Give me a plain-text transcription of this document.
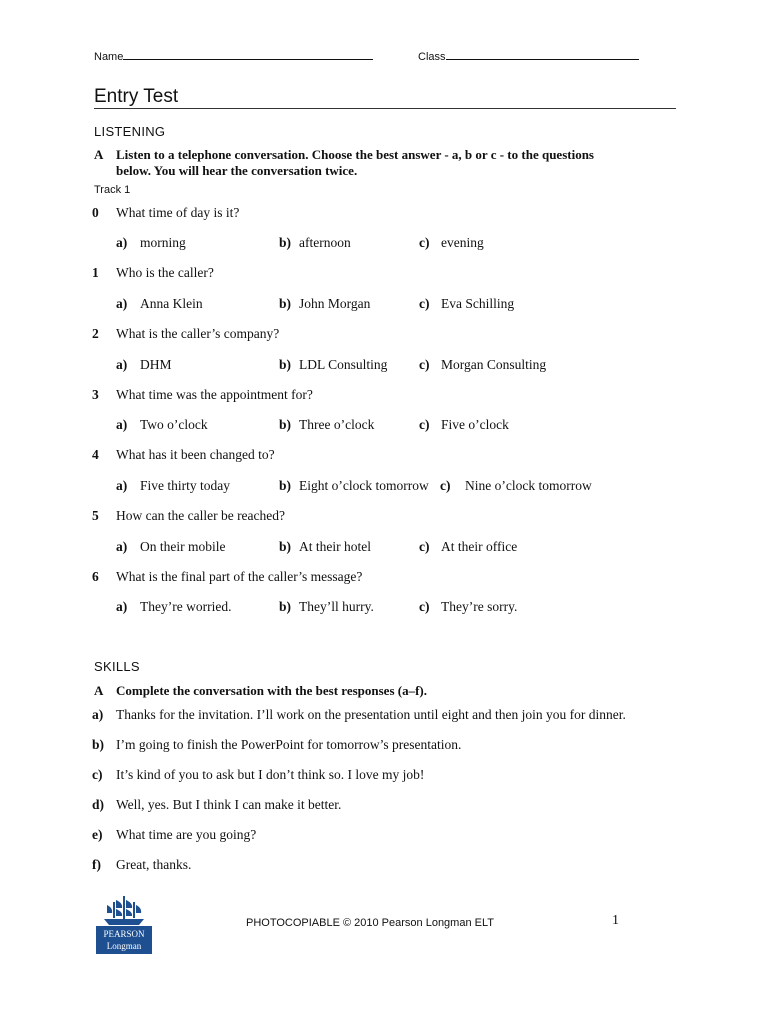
Name	Class
Entry Test
LISTENING
A Listen to a telephone conversation. Choose the best answer - a, b or c - to the questions
below. You will hear the conversation twice.
Track 1
0 What time of day is it?
a) morning	b) afternoon	c) evening
1 Who is the caller?
a) Anna Klein	b) John Morgan	c) Eva Schilling
2 What is the caller’s company?
a) DHM	b) LDL Consulting c) Morgan Consulting
3 What time was the appointment for?
a) Two o’clock	b) Three o’clock	c) Five o’clock
4 What has it been changed to?
a) Five thirty today	b) Eight o’clock tomorrow c) Nine o’clock tomorrow
5 How can the caller be reached?
a) On their mobile	b) At their hotel	c) At their office
6 What is the final part of the caller’s message?
a) They’re worried.	b) They’ll hurry.	c) They’re sorry.
SKILLS
A Complete the conversation with the best responses (a–f).
a) Thanks for the invitation. I’ll work on the presentation until eight and then join you for dinner.
b) I’m going to finish the PowerPoint for tomorrow’s presentation.
c) It’s kind of you to ask but I don’t think so. I love my job!
d) Well, yes. But I think I can make it better.
e) What time are you going?
f) Great, thanks.
PEARSON
Longman
PHOTOCOPIABLE © 2010 Pearson Longman ELT	1
